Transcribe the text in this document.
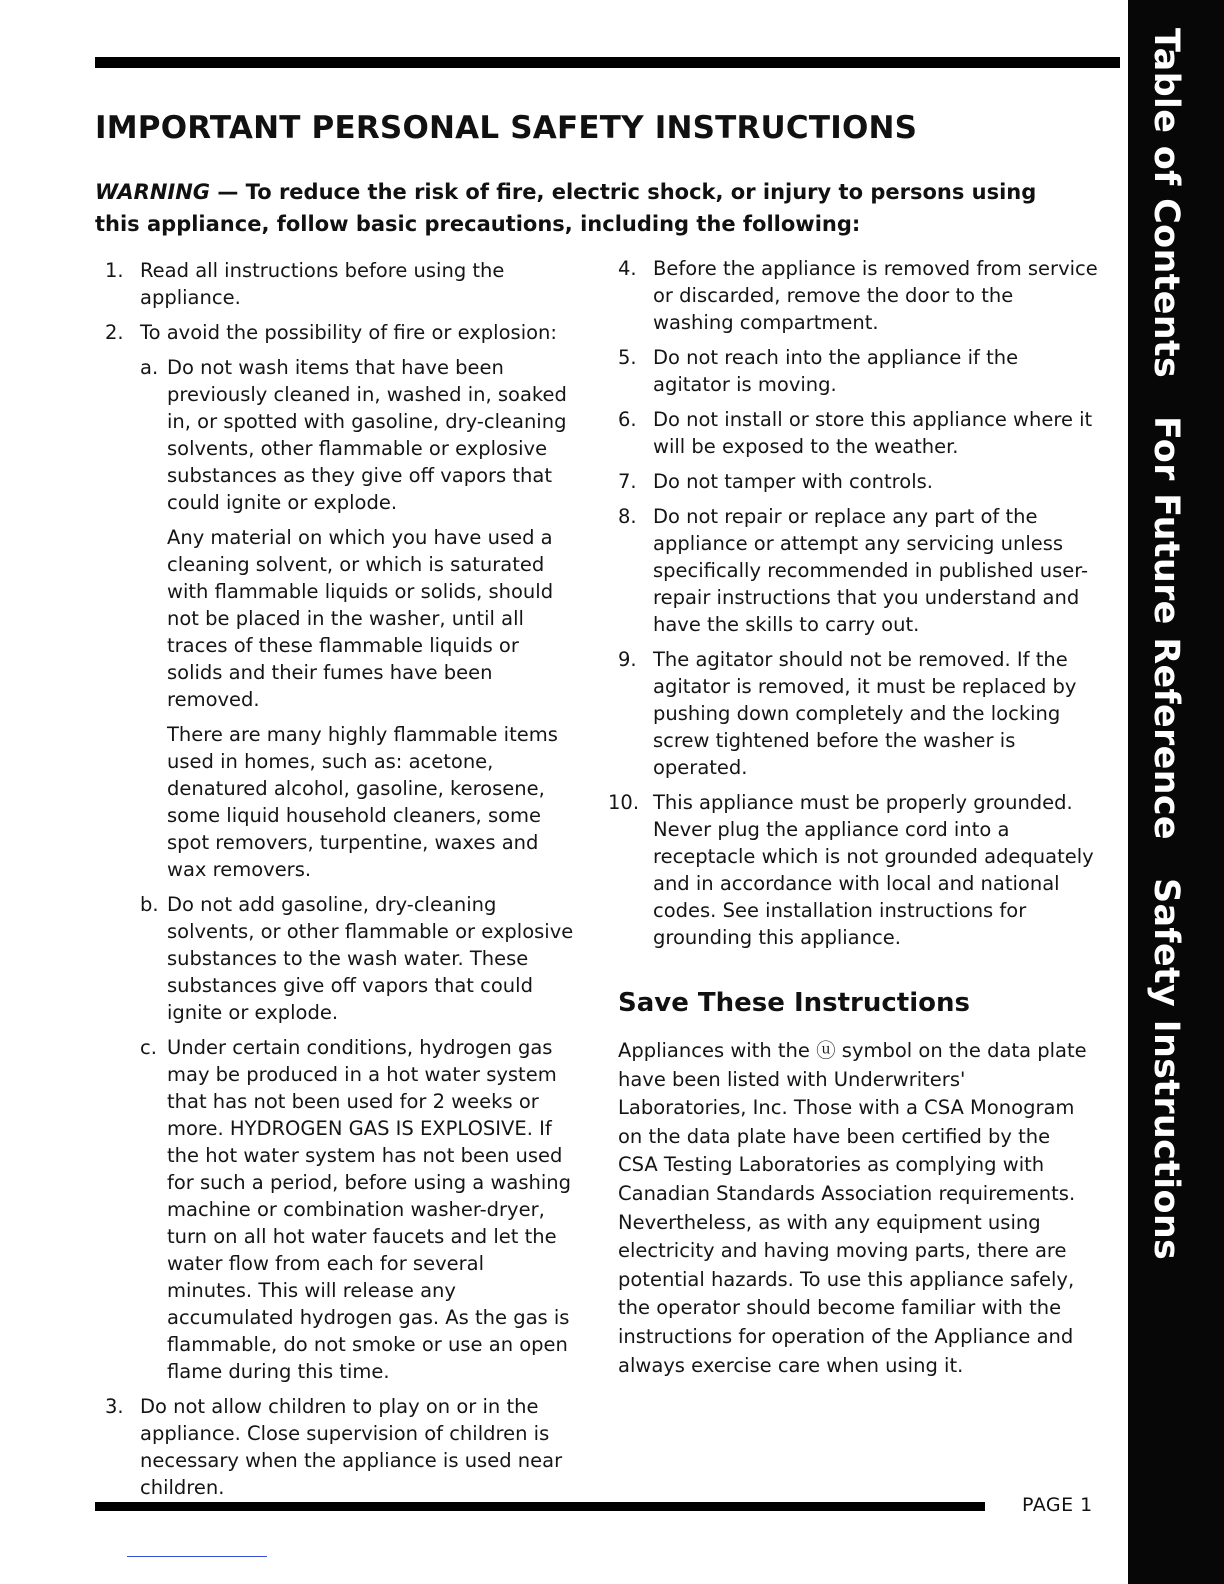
Table of ContentsFor Future ReferenceSafety Instructions
IMPORTANT PERSONAL SAFETY INSTRUCTIONS

WARNING — To reduce the risk of fire, electric shock, or injury to persons using this appliance, follow basic precautions, including the following:

1. Read all instructions before using the appliance.
2. To avoid the possibility of fire or explosion:
a. Do not wash items that have been previously cleaned in, washed in, soaked in, or spotted with gasoline, dry-cleaning solvents, other flammable or explosive substances as they give off vapors that could ignite or explode.

Any material on which you have used a cleaning solvent, or which is saturated with flammable liquids or solids, should not be placed in the washer, until all traces of these flammable liquids or solids and their fumes have been removed.

There are many highly flammable items used in homes, such as: acetone, denatured alcohol, gasoline, kerosene, some liquid household cleaners, some spot removers, turpentine, waxes and wax removers.

b. Do not add gasoline, dry-cleaning solvents, or other flammable or explosive substances to the wash water. These substances give off vapors that could ignite or explode.

c. Under certain conditions, hydrogen gas may be produced in a hot water system that has not been used for 2 weeks or more. HYDROGEN GAS IS EXPLOSIVE. If the hot water system has not been used for such a period, before using a washing machine or combination washer-dryer, turn on all hot water faucets and let the water flow from each for several minutes. This will release any accumulated hydrogen gas. As the gas is flammable, do not smoke or use an open flame during this time.

3. Do not allow children to play on or in the appliance. Close supervision of children is necessary when the appliance is used near children.
4. Before the appliance is removed from service or discarded, remove the door to the washing compartment.
5. Do not reach into the appliance if the agitator is moving.
6. Do not install or store this appliance where it will be exposed to the weather.
7. Do not tamper with controls.
8. Do not repair or replace any part of the appliance or attempt any servicing unless specifically recommended in published user-repair instructions that you understand and have the skills to carry out.
9. The agitator should not be removed. If the agitator is removed, it must be replaced by pushing down completely and the locking screw tightened before the washer is operated.
10. This appliance must be properly grounded. Never plug the appliance cord into a receptacle which is not grounded adequately and in accordance with local and national codes. See installation instructions for grounding this appliance.
Save These Instructions

Appliances with the ⓤ symbol on the data plate have been listed with Underwriters' Laboratories, Inc. Those with a CSA Monogram on the data plate have been certified by the CSA Testing Laboratories as complying with Canadian Standards Association requirements. Nevertheless, as with any equipment using electricity and having moving parts, there are potential hazards. To use this appliance safely, the operator should become familiar with the instructions for operation of the Appliance and always exercise care when using it.

PAGE 1
